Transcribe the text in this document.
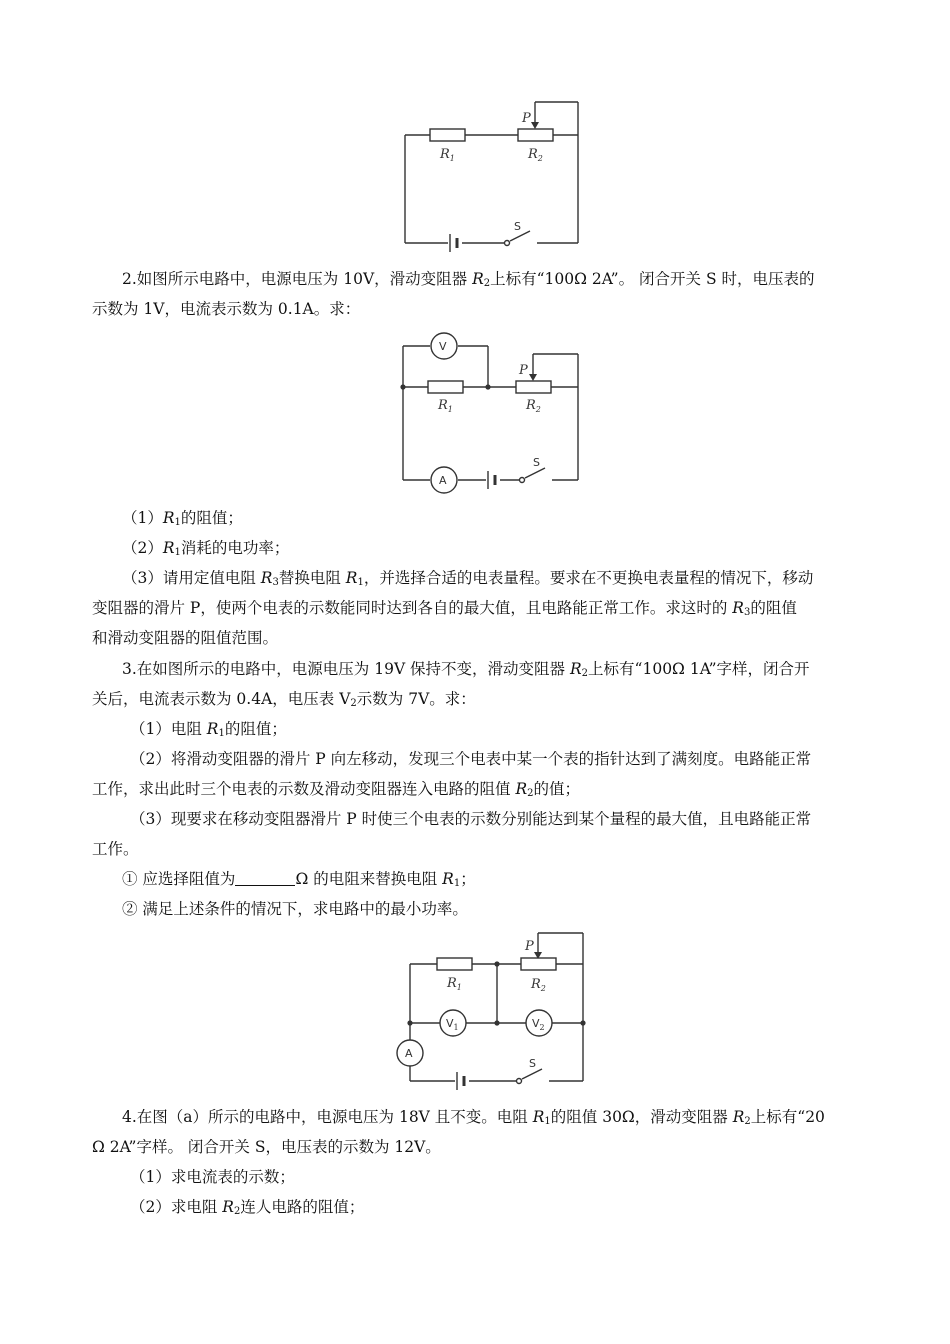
$R_1$	$R_2$
P
S
2.如图所示电路中，电源电压为 10V，滑动变阻器 $R_2$上标有“100Ω 2A”。 闭合开关 S 时，电压表的
示数为 1V，电流表示数为 0.1A。求：
V
A
$R_1$	$R_2$
P
S
$(1)R_1$的阻值；
$(2)R_1$消耗的电功率；
（3）请用定值电阻 $R_3$替换电阻 $R_1$，并选择合适的电表量程。要求在不更换电表量程的情况下，移动
变阻器的滑片 P，使两个电表的示数能同时达到各自的最大值，且电路能正常工作。求这时的 $R_3$的阻值
和滑动变阻器的阻值范围。
3.在如图所示的电路中，电源电压为 19V 保持不变，滑动变阻器 $R_2$上标有“100Ω 1A”字样，闭合开
关后，电流表示数为 0.4A，电压表 $V_2$示数为 7V。求：
（1）电阻 $R_1$的阻值；
（2）将滑动变阻器的滑片 P 向左移动，发现三个电表中某一个表的指针达到了满刻度。电路能正常
工作，求出此时三个电表的示数及滑动变阻器连入电路的阻值 $R_2$的值；
（3）现要求在移动变阻器滑片 P 时使三个电表的示数分别能达到某个量程的最大值，且电路能正常
工作。
① 应选择阻值为	Ω 的电阻来替换电阻 $R_1$；
② 满足上述条件的情况下，求电路中的最小功率。
$V_1$	$V_2$
A
$R_1$	$R_2$
P
S
4.在图（a）所示的电路中，电源电压为 18V 且不变。电阻 $R_1$的阻值 30Ω，滑动变阻器 $R_2$上标有“20
Ω 2A”字样。 闭合开关 S，电压表的示数为 12V。
（1）求电流表的示数；
（2）求电阻 $R_2$连人电路的阻值；
